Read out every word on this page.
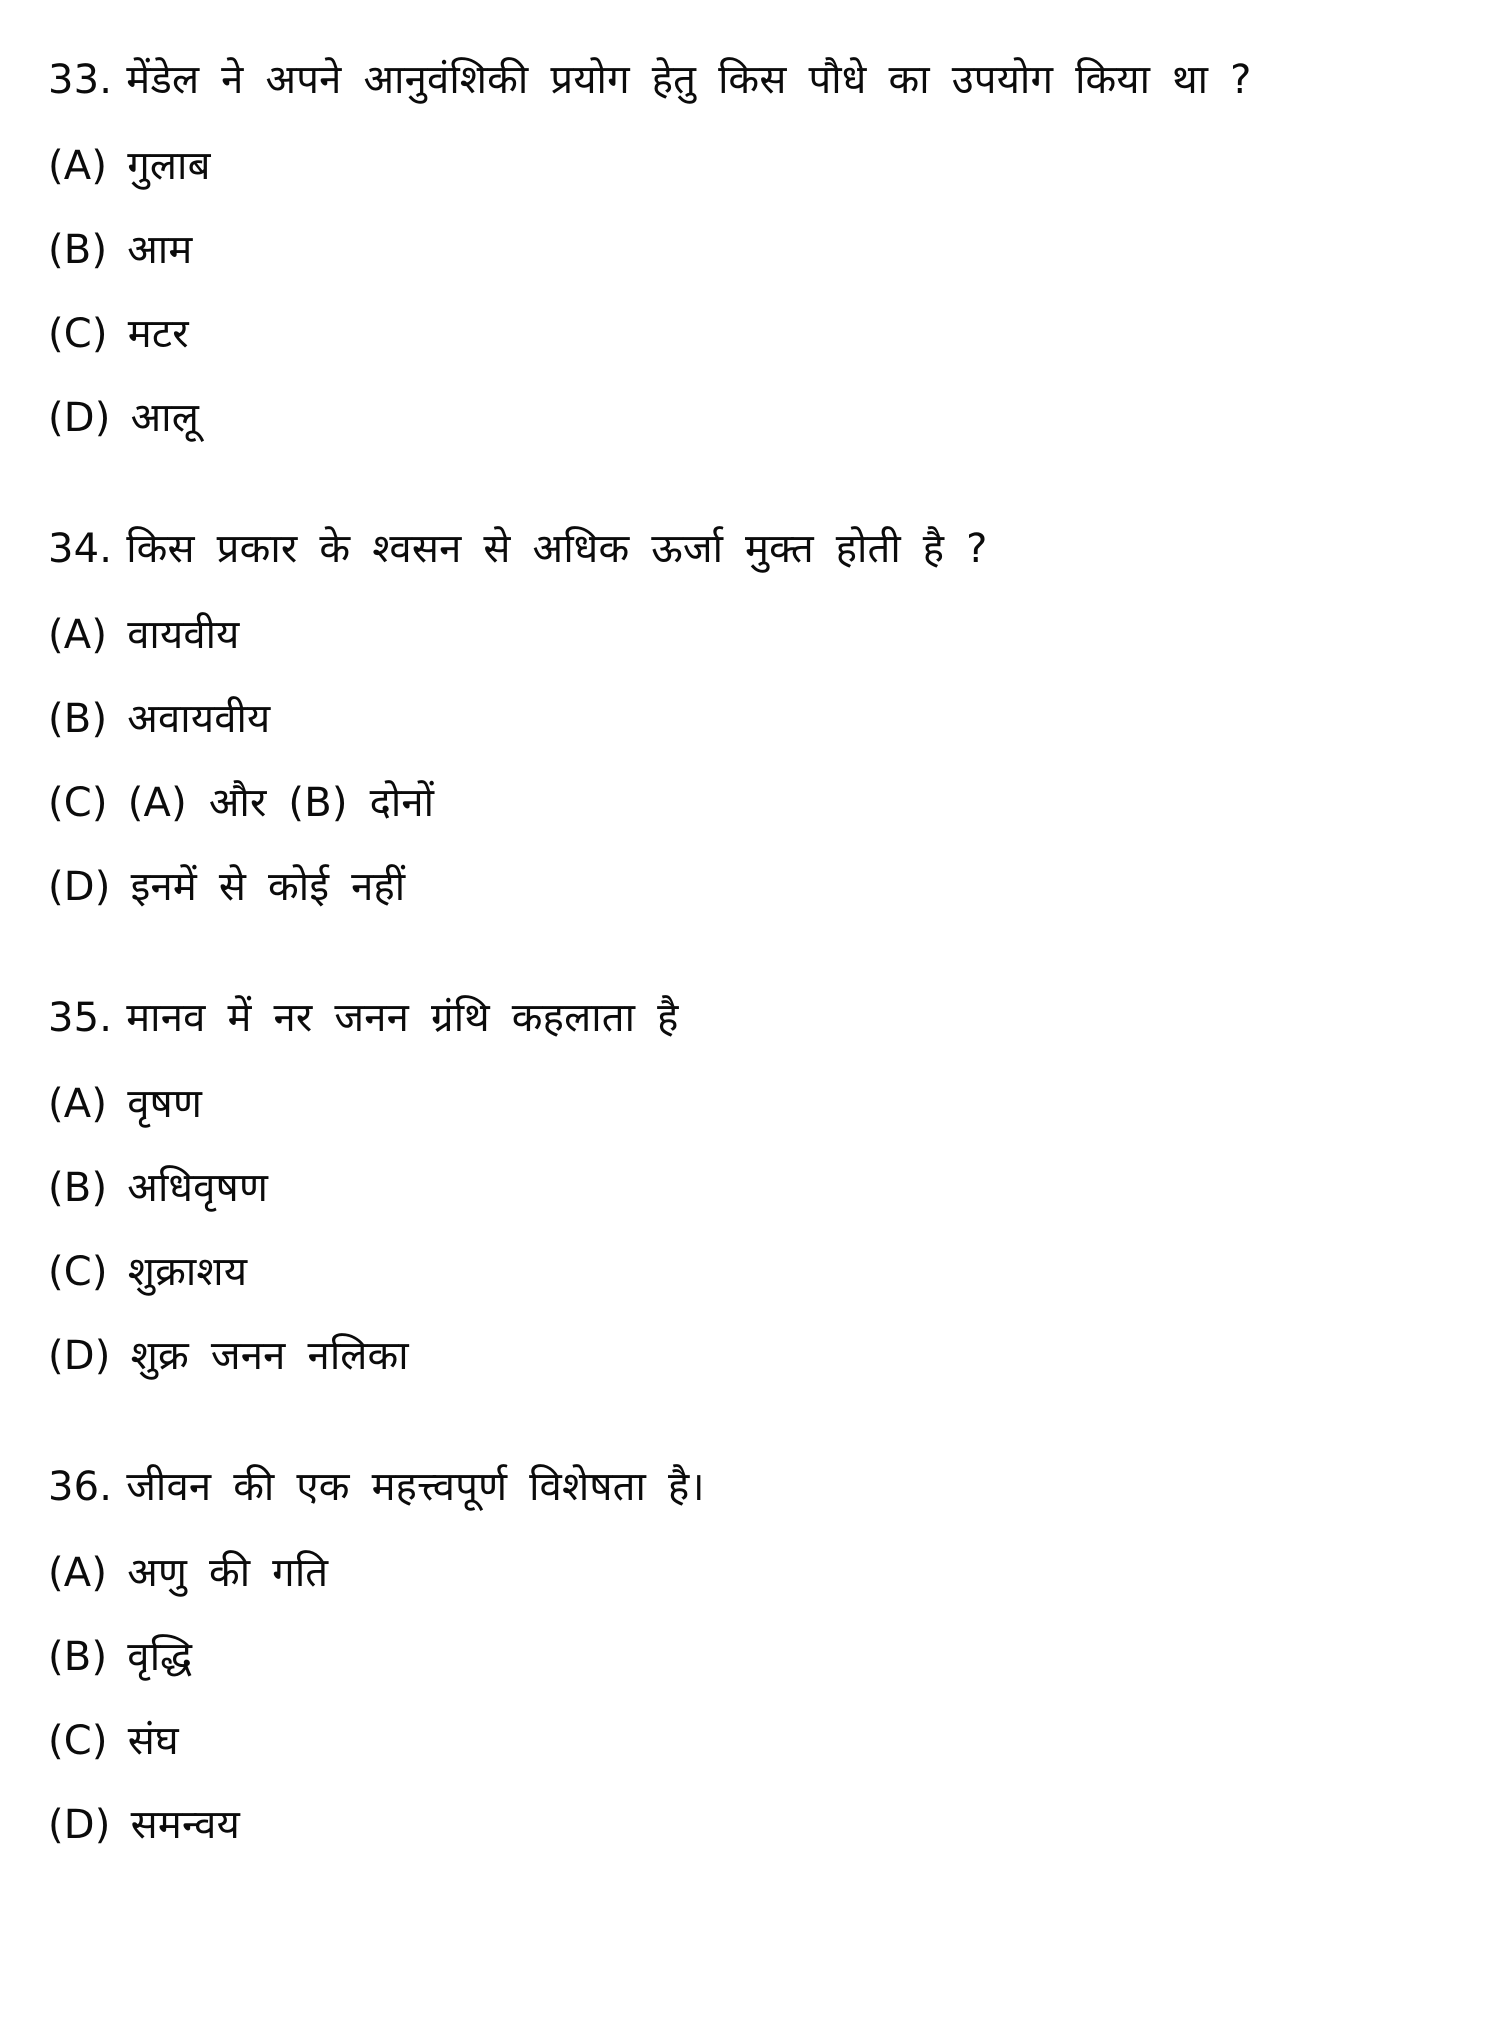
33. मेंडेल ने अपने आनुवंशिकी प्रयोग हेतु किस पौधे का उपयोग किया था ?
(A) गुलाब
(B) आम
(C) मटर
(D) आलू
34. किस प्रकार के श्वसन से अधिक ऊर्जा मुक्त होती है ?
(A) वायवीय
(B) अवायवीय
(C) (A) और (B) दोनों
(D) इनमें से कोई नहीं
35. मानव में नर जनन ग्रंथि कहलाता है
(A) वृषण
(B) अधिवृषण
(C) शुक्राशय
(D) शुक्र जनन नलिका
36. जीवन की एक महत्त्वपूर्ण विशेषता है।
(A) अणु की गति
(B) वृद्धि
(C) संघ
(D) समन्वय
